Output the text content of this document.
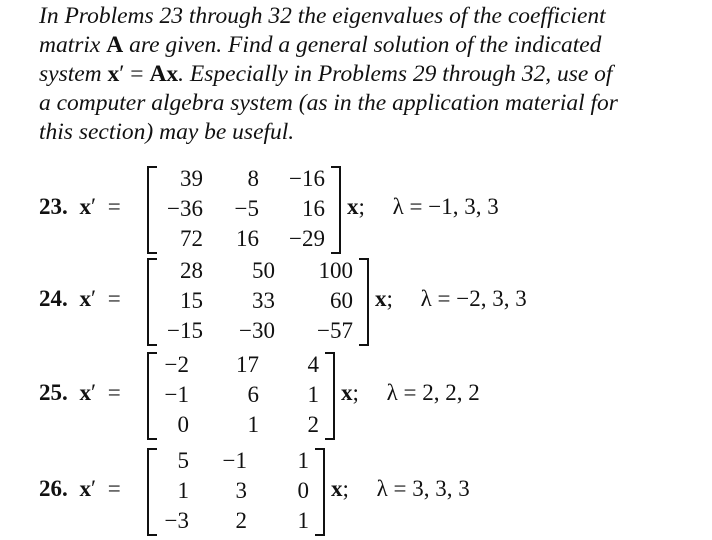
In Problems 23 through 32 the eigenvalues of the coefficient
matrix A are given. Find a general solution of the indicated
system x′ = Ax. Especially in Problems 29 through 32, use of
a computer algebra system (as in the application material for
this section) may be useful.
23. x′ =
39 8 −16
−36 −5 16
72 16 −29
x; λ = −1, 3, 3
24. x′ =
28 50 100
15 33 60
−15 −30 −57
x; λ = −2, 3, 3
25. x′ =
−2 17 4
−1	6 1
0	1 2
x; λ = 2, 2, 2
26. x′ =
5 −1 1
1 3 0
−3 2 1
x; λ = 3, 3, 3
